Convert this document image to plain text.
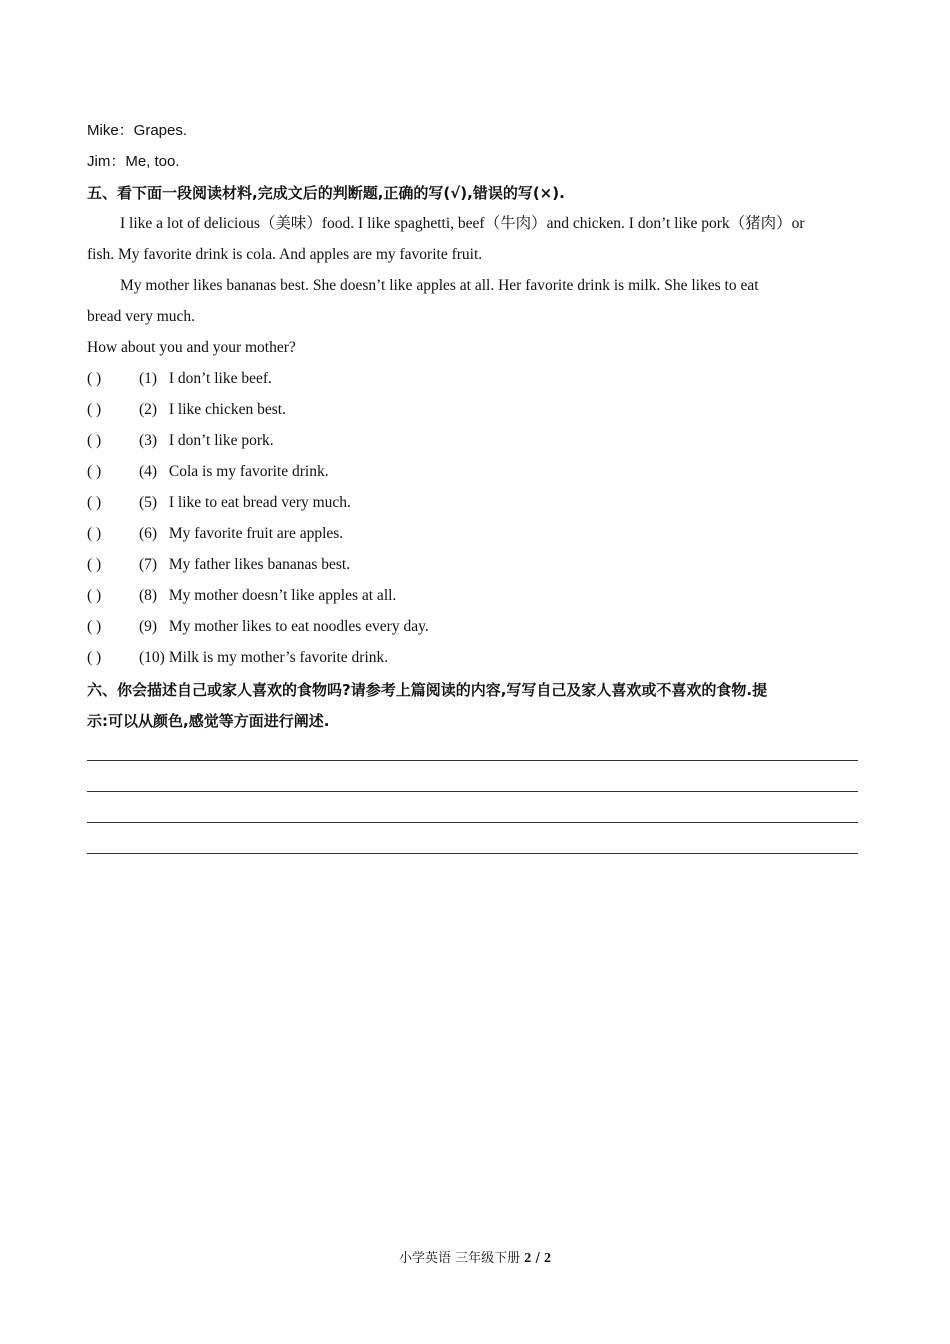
Mike：Grapes.
Jim：Me, too.
五、看下面一段阅读材料,完成文后的判断题,正确的写(√),错误的写(×).
I like a lot of delicious（美味）food. I like spaghetti, beef（牛肉）and chicken. I don’t like pork（猪肉）or
fish. My favorite drink is cola. And apples are my favorite fruit.
My mother likes bananas best. She doesn’t like apples at all. Her favorite drink is milk. She likes to eat
bread very much.
How about you and your mother?
( ) (1) I don’t like beef.
( ) (2) I like chicken best.
( ) (3) I don’t like pork.
( ) (4) Cola is my favorite drink.
( ) (5) I like to eat bread very much.
( ) (6) My favorite fruit are apples.
( ) (7) My father likes bananas best.
( ) (8) My mother doesn’t like apples at all.
( ) (9) My mother likes to eat noodles every day.
( ) (10) Milk is my mother’s favorite drink.
六、你会描述自己或家人喜欢的食物吗?请参考上篇阅读的内容,写写自己及家人喜欢或不喜欢的食物.提
示:可以从颜色,感觉等方面进行阐述.
小学英语 三年级下册 2 / 2
